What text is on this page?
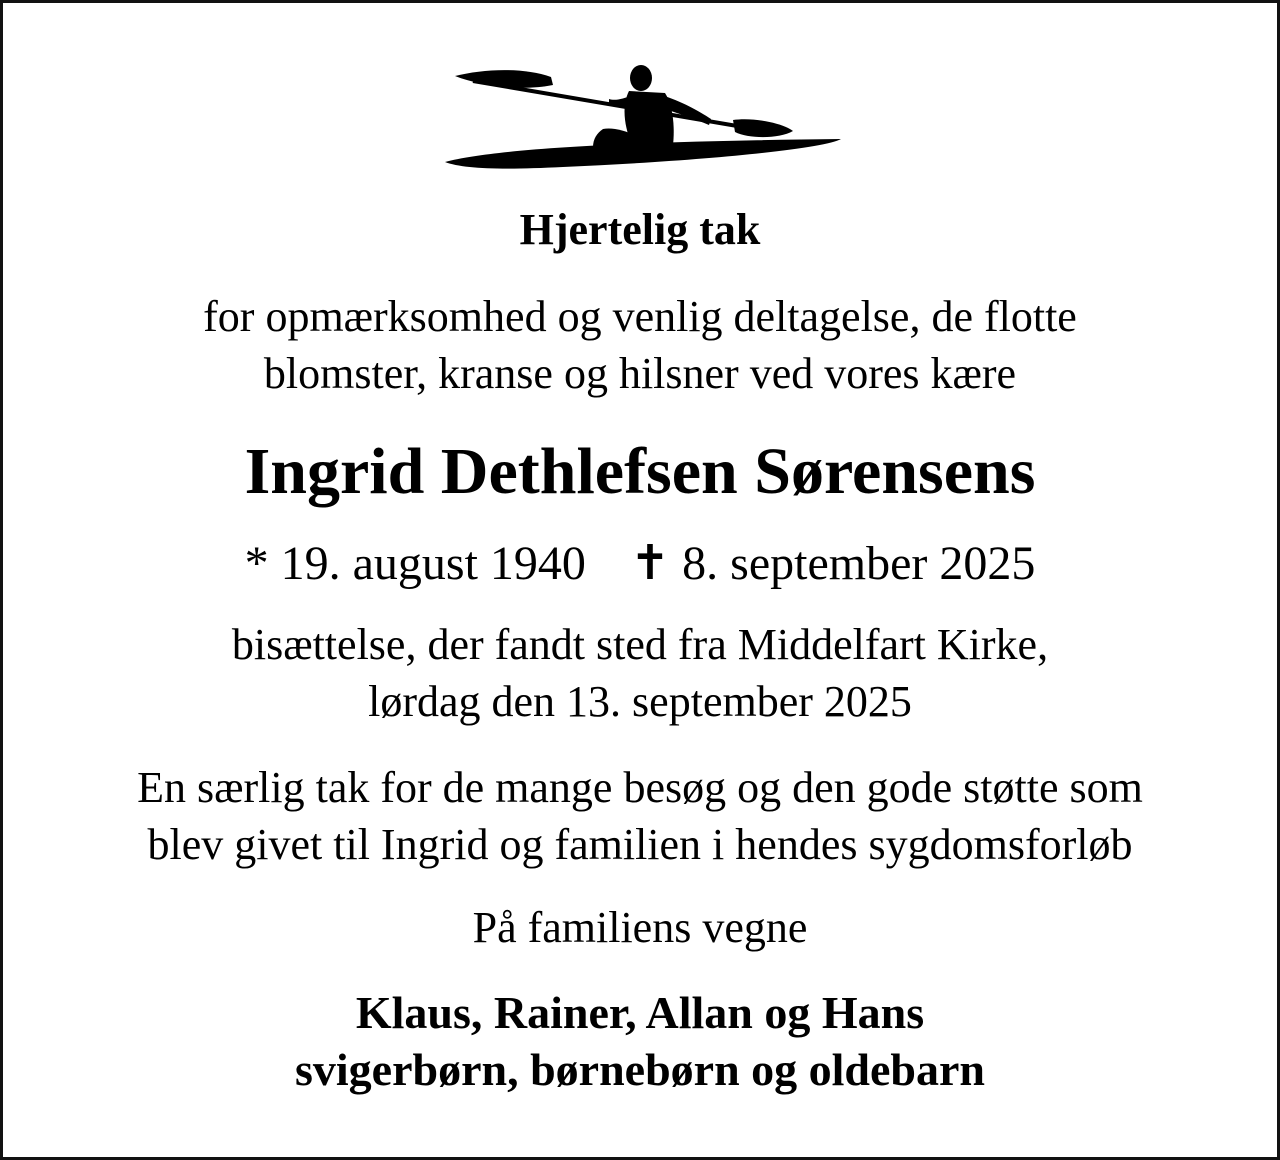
Hjertelig tak
for opmærksomhed og venlig deltagelse, de flotte
blomster, kranse og hilsner ved vores kære
Ingrid Dethlefsen Sørensens
* 19. august 1940 ✝ 8. september 2025
bisættelse, der fandt sted fra Middelfart Kirke,
lørdag den 13. september 2025
En særlig tak for de mange besøg og den gode støtte som
blev givet til Ingrid og familien i hendes sygdomsforløb
På familiens vegne
Klaus, Rainer, Allan og Hans
svigerbørn, børnebørn og oldebarn
